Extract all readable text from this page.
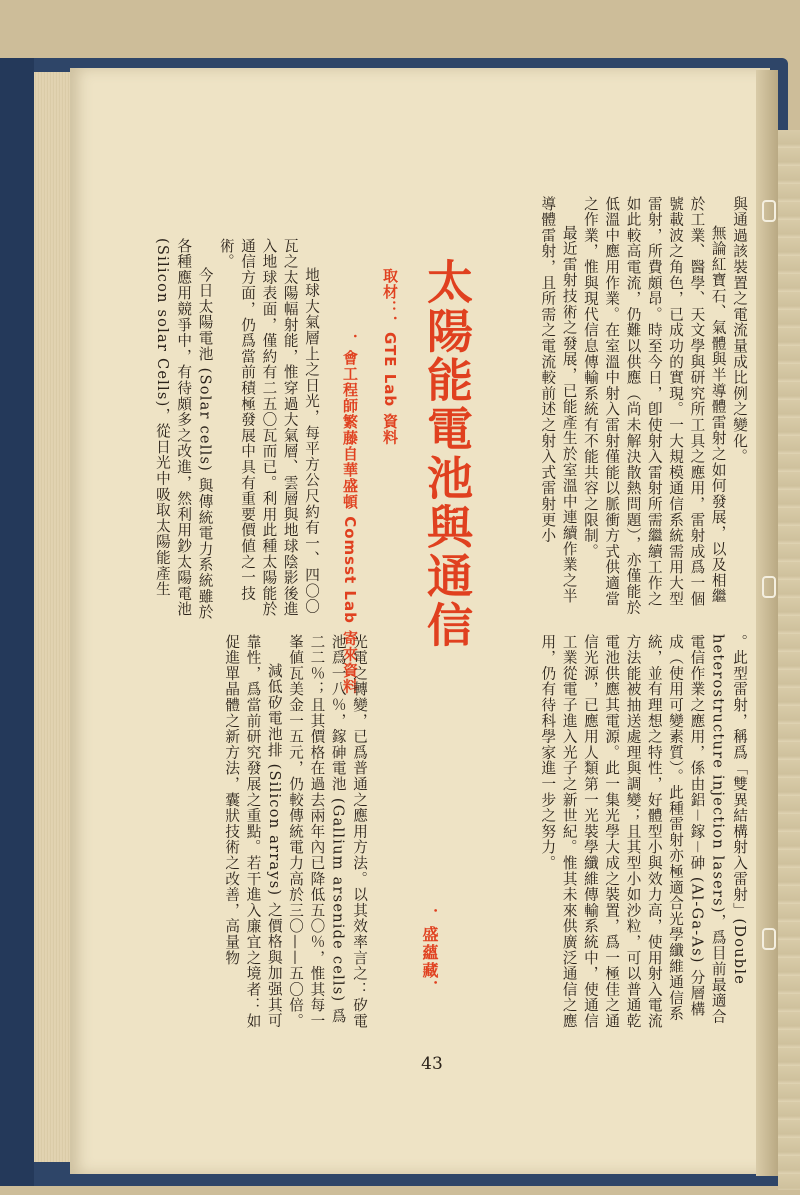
與通過該裝置之電流量成比例之變化。
無論紅寶石、氣體與半導體雷射之如何發展，以及相繼於工業、醫學、天文學與研究所工具之應用，雷射成爲一個號載波之角色，已成功的實現。一大規模通信系統需用大型雷射，所費頗昂。時至今日，卽使射入雷射所需繼續工作之如此較高電流，仍難以供應（尚未解決散熱問題），亦僅能於低溫中應用作業。在室溫中射入雷射僅能以脈衝方式供適當之作業，惟與現代信息傳輸系統有不能共容之限制。
最近雷射技術之發展，已能產生於室溫中連續作業之半導體雷射，且所需之電流較前述之射入式雷射更小
太陽能電池與通信
取材：．GTE Lab 資料
．會工程師繁藤自華盛頓 Comsst Lab 寄來資料
地球大氣層上之日光，每平方公尺約有一、四〇〇瓦之太陽幅射能，惟穿過大氣層、雲層與地球陰影後進入地球表面，僅約有二五〇瓦而已。利用此種太陽能於通信方面，仍爲當前積極發展中具有重要價値之一技術。
今日太陽電池 (Solar cells) 與傳統電力系統雖於各種應用競爭中，有待頗多之改進，然利用鈔太陽電池 (Silicon solar Cells)，從日光中吸取太陽能產生
。此型雷射，稱爲「雙異結構射入雷射」(Double heterostructure injection lasers)，爲目前最適合電信作業之應用，係由鋁－鎵－砷 (Al-Ga-As) 分層構成（使用可變素質）。此種雷射亦極適合光學纖維通信系統，並有理想之特性，好體型小與效力高，使用射入電流方法能被抽送處理與調變；且其型小如沙粒，可以普通乾電池供應其電源。此一集光學大成之裝置，爲一極佳之通信光源，已應用人類第一光裝學纖維傳輸系統中，使通信工業從電子進入光子之新世紀。惟其未來供廣泛通信之應用，仍有待科學家進一步之努力。
．盛蘊藏．
光電之轉變，已爲普通之應用方法。以其效率言之：矽電池爲一八％，鎵砷電池 (Gallium arsenide cells) 爲二二％；且其價格在過去兩年內已降低五〇％，惟其每一峯値瓦美金一五元，仍較傳統電力高於三〇——五〇倍。
減低矽電池排 (Silicon arrays) 之價格與加强其可靠性，爲當前研究發展之重點。若干進入廉宜之境者：如促進單晶體之新方法，囊狀技術之改善，高量物
43
